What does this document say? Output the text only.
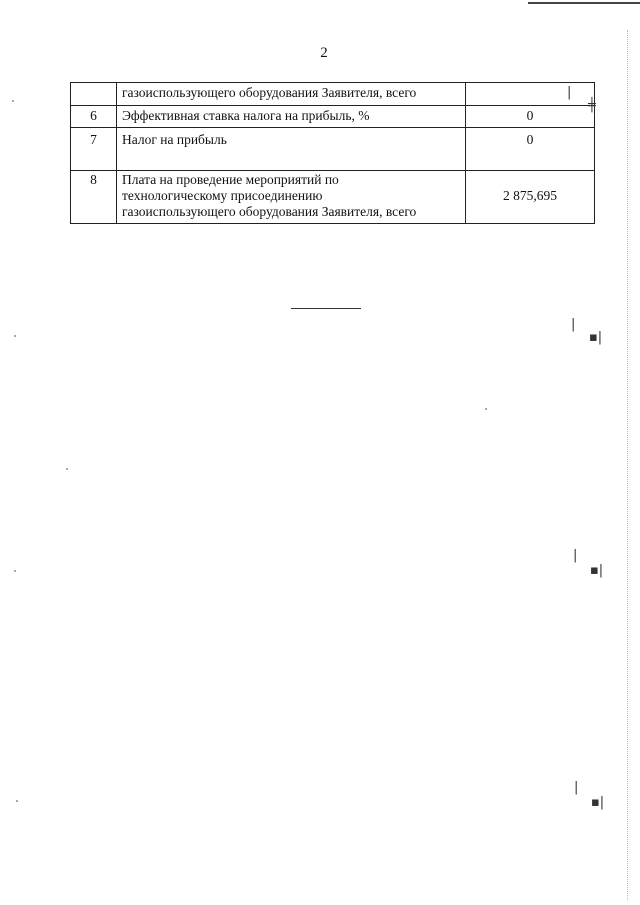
2

	газоиспользующего оборудования Заявителя, всего	

6	Эффективная ставка налога на прибыль, %	0
7	Налог на прибыль	0
8	Плата на проведение мероприятий по
технологическому присоединению
газоиспользующего оборудования Заявителя, всего	2 875,695
|
╪
|
▪|
|
▪|
|
▪|
